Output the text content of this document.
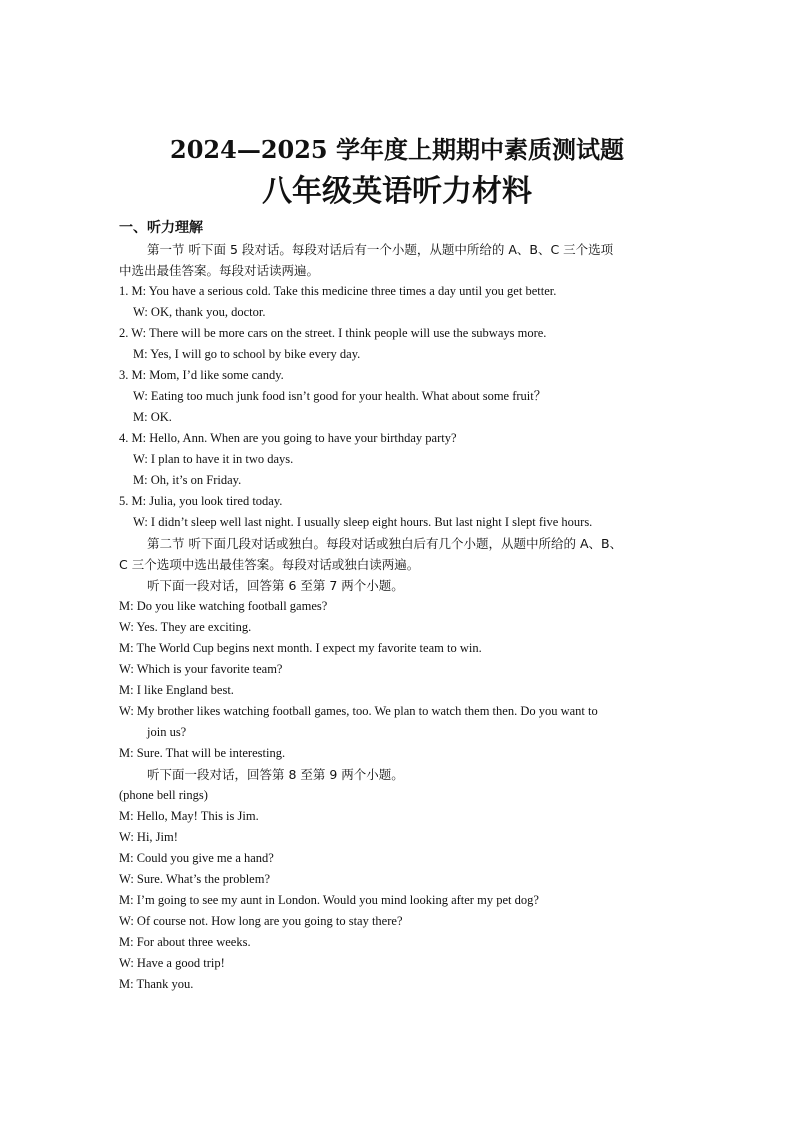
2024—2025 学年度上期期中素质测试题
八年级英语听力材料
一、听力理解
第一节 听下面 5 段对话。每段对话后有一个小题，从题中所给的 A、B、C 三个选项
中选出最佳答案。每段对话读两遍。
1. M: You have a serious cold. Take this medicine three times a day until you get better.
W: OK, thank you, doctor.
2. W: There will be more cars on the street. I think people will use the subways more.
M: Yes, I will go to school by bike every day.
3. M: Mom, I’d like some candy.
W: Eating too much junk food isn’t good for your health. What about some fruit？
M: OK.
4. M: Hello, Ann. When are you going to have your birthday party?
W: I plan to have it in two days.
M: Oh, it’s on Friday.
5. M: Julia, you look tired today.
W: I didn’t sleep well last night. I usually sleep eight hours. But last night I slept five hours.
第二节 听下面几段对话或独白。每段对话或独白后有几个小题，从题中所给的 A、B、
C 三个选项中选出最佳答案。每段对话或独白读两遍。
听下面一段对话，回答第 6 至第 7 两个小题。
M: Do you like watching football games?
W: Yes. They are exciting.
M: The World Cup begins next month. I expect my favorite team to win.
W: Which is your favorite team?
M: I like England best.
W: My brother likes watching football games, too. We plan to watch them then. Do you want to
join us?
M: Sure. That will be interesting.
听下面一段对话，回答第 8 至第 9 两个小题。
(phone bell rings)
M: Hello, May! This is Jim.
W: Hi, Jim!
M: Could you give me a hand?
W: Sure. What’s the problem?
M: I’m going to see my aunt in London. Would you mind looking after my pet dog?
W: Of course not. How long are you going to stay there?
M: For about three weeks.
W: Have a good trip!
M: Thank you.
